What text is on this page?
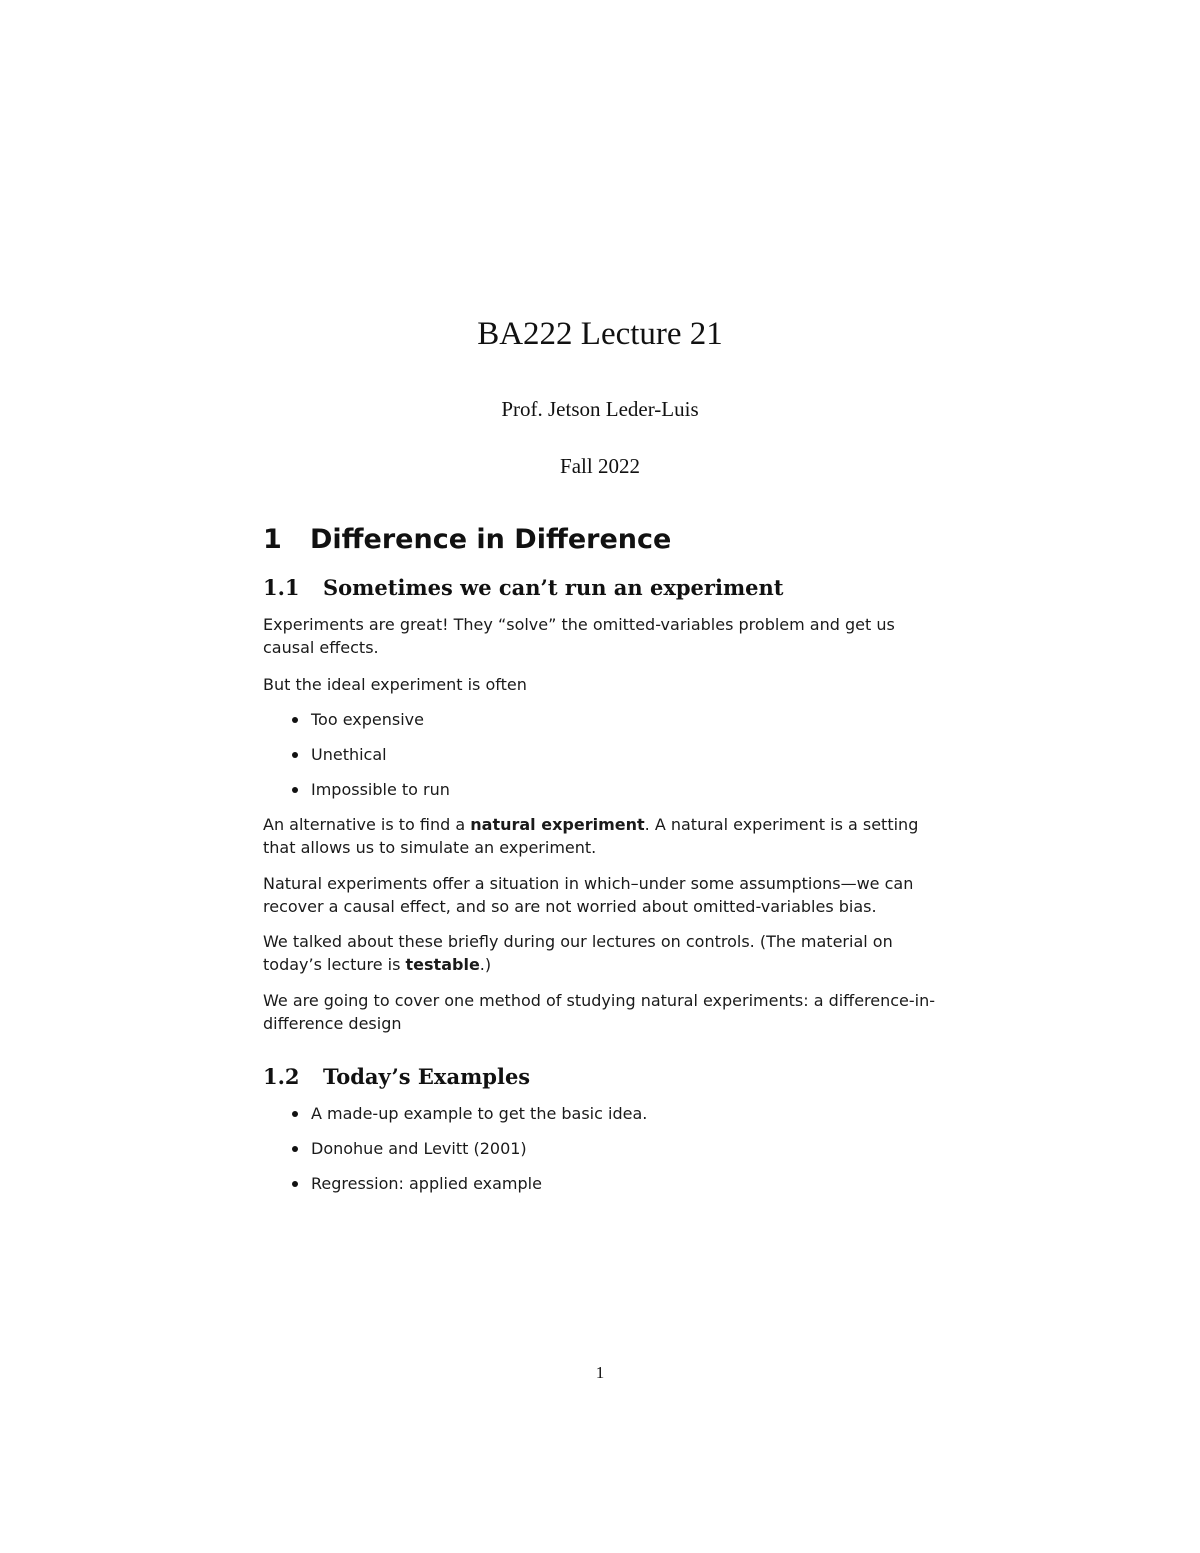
BA222 Lecture 21
Prof. Jetson Leder-Luis
Fall 2022
1 Difference in Difference
1.1 Sometimes we can’t run an experiment

Experiments are great! They “solve” the omitted-variables problem and get us causal effects.

But the ideal experiment is often

Too expensive
Unethical
Impossible to run

An alternative is to find a natural experiment. A natural experiment is a setting that allows us to simulate an experiment.

Natural experiments offer a situation in which–under some assumptions—we can recover a causal effect, and so are not worried about omitted-variables bias.

We talked about these briefly during our lectures on controls. (The material on today’s lecture is testable.)

We are going to cover one method of studying natural experiments: a difference-in-difference design

1.2 Today’s Examples
A made-up example to get the basic idea.
Donohue and Levitt (2001)
Regression: applied example
1
